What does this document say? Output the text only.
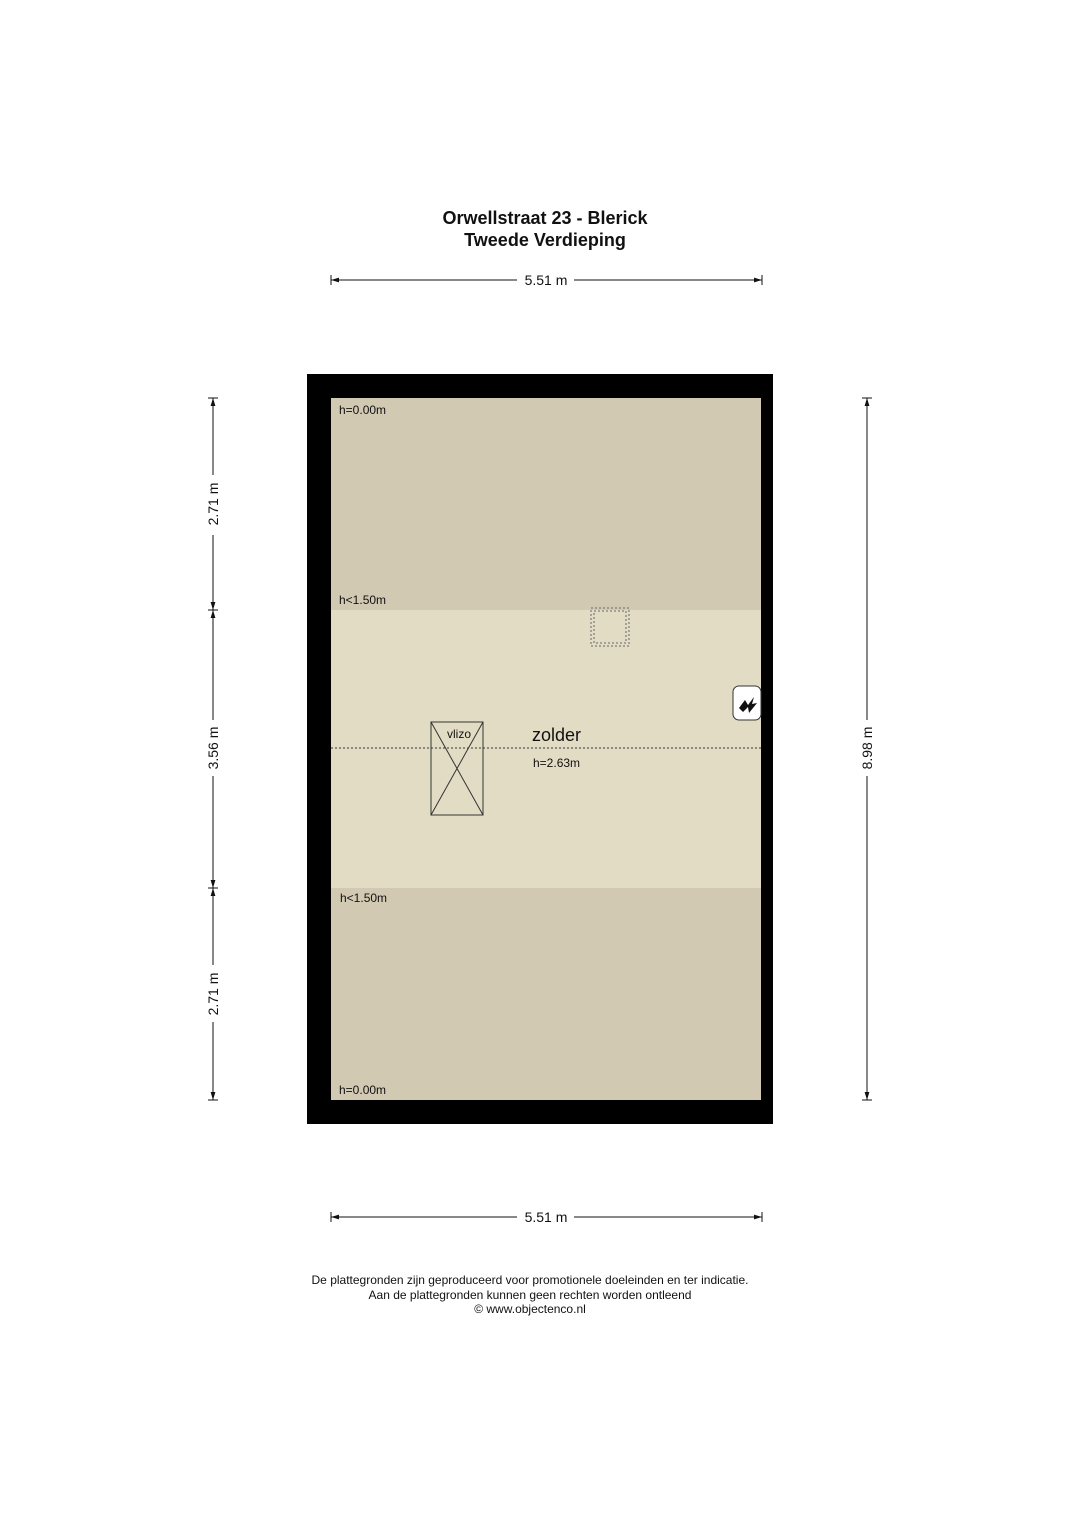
Orwellstraat 23 - Blerick
Tweede Verdieping
5.51 m
vlizo	zolder
h=2.63m
h=0.00m
h<1.50m
h<1.50m
h=0.00m
2.71 m
3.56 m
2.71 m
8.98 m
5.51 m
De plattegronden zijn geproduceerd voor promotionele doeleinden en ter indicatie.
Aan de plattegronden kunnen geen rechten worden ontleend
© www.objectenco.nl
